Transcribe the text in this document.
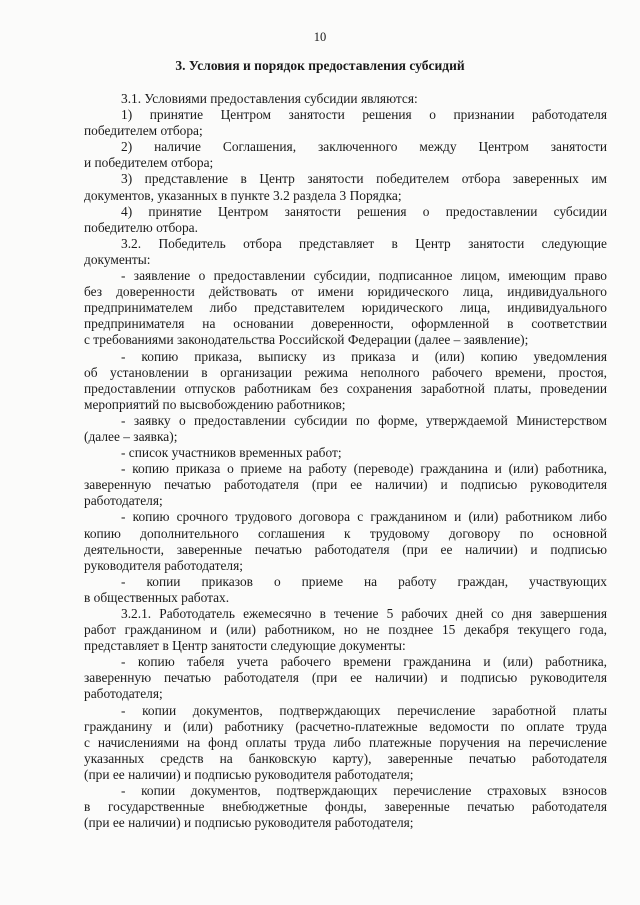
10
3. Условия и порядок предоставления субсидий
3.1. Условиями предоставления субсидии являются:
1) принятие Центром занятости решения о признании работодателя
победителем отбора;
2) наличие Соглашения, заключенного между Центром занятости
и победителем отбора;
3) представление в Центр занятости победителем отбора заверенных им
документов, указанных в пункте 3.2 раздела 3 Порядка;
4) принятие Центром занятости решения о предоставлении субсидии
победителю отбора.
3.2. Победитель отбора представляет в Центр занятости следующие
документы:
- заявление о предоставлении субсидии, подписанное лицом, имеющим право
без доверенности действовать от имени юридического лица, индивидуального
предпринимателем либо представителем юридического лица, индивидуального
предпринимателя на основании доверенности, оформленной в соответствии
с требованиями законодательства Российской Федерации (далее – заявление);
- копию приказа, выписку из приказа и (или) копию уведомления
об установлении в организации режима неполного рабочего времени, простоя,
предоставлении отпусков работникам без сохранения заработной платы, проведении
мероприятий по высвобождению работников;
- заявку о предоставлении субсидии по форме, утверждаемой Министерством
(далее – заявка);
- список участников временных работ;
- копию приказа о приеме на работу (переводе) гражданина и (или) работника,
заверенную печатью работодателя (при ее наличии) и подписью руководителя
работодателя;
- копию срочного трудового договора с гражданином и (или) работником либо
копию дополнительного соглашения к трудовому договору по основной
деятельности, заверенные печатью работодателя (при ее наличии) и подписью
руководителя работодателя;
- копии приказов о приеме на работу граждан, участвующих
в общественных работах.
3.2.1. Работодатель ежемесячно в течение 5 рабочих дней со дня завершения
работ гражданином и (или) работником, но не позднее 15 декабря текущего года,
представляет в Центр занятости следующие документы:
- копию табеля учета рабочего времени гражданина и (или) работника,
заверенную печатью работодателя (при ее наличии) и подписью руководителя
работодателя;
- копии документов, подтверждающих перечисление заработной платы
гражданину и (или) работнику (расчетно-платежные ведомости по оплате труда
с начислениями на фонд оплаты труда либо платежные поручения на перечисление
указанных средств на банковскую карту), заверенные печатью работодателя
(при ее наличии) и подписью руководителя работодателя;
- копии документов, подтверждающих перечисление страховых взносов
в государственные внебюджетные фонды, заверенные печатью работодателя
(при ее наличии) и подписью руководителя работодателя;
